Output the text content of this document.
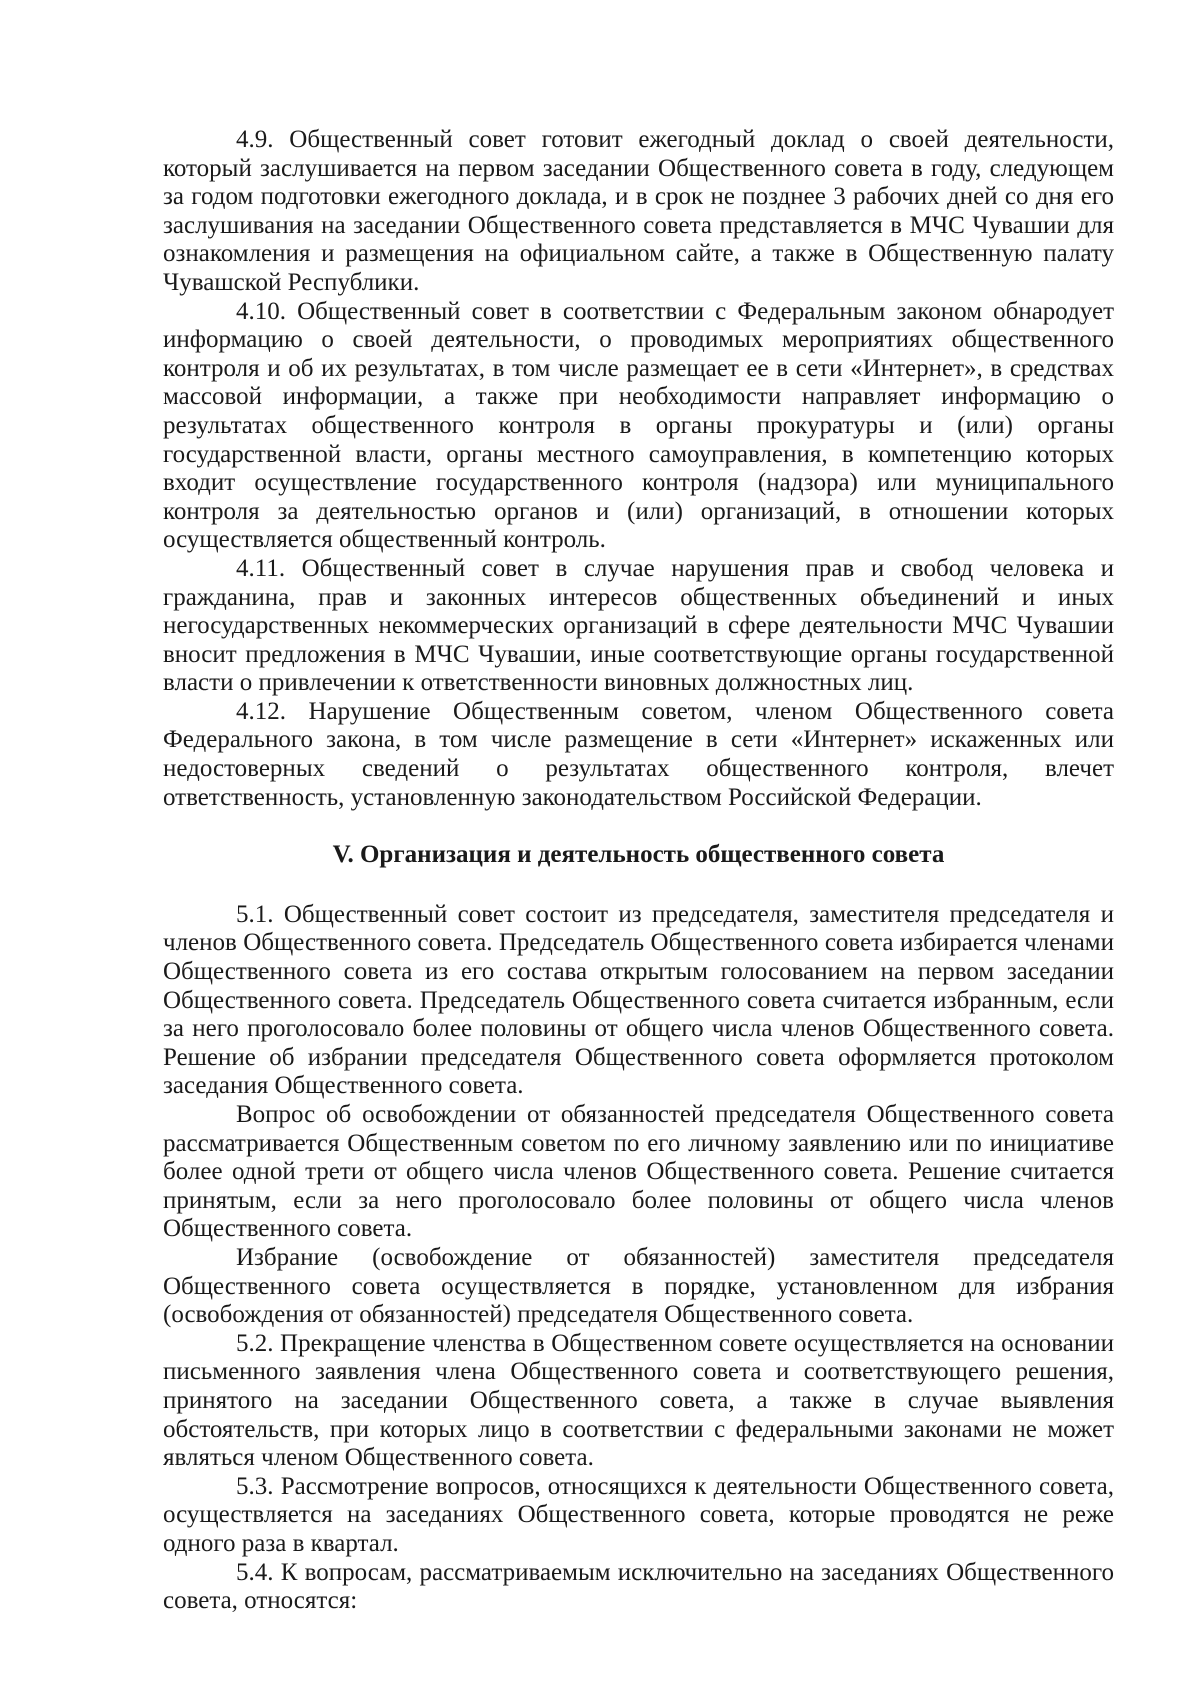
4.9. Общественный совет готовит ежегодный доклад о своей деятельности, который заслушивается на первом заседании Общественного совета в году, следующем за годом подготовки ежегодного доклада, и в срок не позднее 3 рабочих дней со дня его заслушивания на заседании Общественного совета представляется в МЧС Чувашии для ознакомления и размещения на официальном сайте, а также в Общественную палату Чувашской Республики.

4.10. Общественный совет в соответствии с Федеральным законом обнародует информацию о своей деятельности, о проводимых мероприятиях общественного контроля и об их результатах, в том числе размещает ее в сети «Интернет», в средствах массовой информации, а также при необходимости направляет информацию о результатах общественного контроля в органы прокуратуры и (или) органы государственной власти, органы местного самоуправления, в компетенцию которых входит осуществление государственного контроля (надзора) или муниципального контроля за деятельностью органов и (или) организаций, в отношении которых осуществляется общественный контроль.

4.11. Общественный совет в случае нарушения прав и свобод человека и гражданина, прав и законных интересов общественных объединений и иных негосударственных некоммерческих организаций в сфере деятельности МЧС Чувашии вносит предложения в МЧС Чувашии, иные соответствующие органы государственной власти о привлечении к ответственности виновных должностных лиц.

4.12. Нарушение Общественным советом, членом Общественного совета Федерального закона, в том числе размещение в сети «Интернет» искаженных или недостоверных сведений о результатах общественного контроля, влечет ответственность, установленную законодательством Российской Федерации.

V. Организация и деятельность общественного совета

5.1. Общественный совет состоит из председателя, заместителя председателя и членов Общественного совета. Председатель Общественного совета избирается членами Общественного совета из его состава открытым голосованием на первом заседании Общественного совета. Председатель Общественного совета считается избранным, если за него проголосовало более половины от общего числа членов Общественного совета. Решение об избрании председателя Общественного совета оформляется протоколом заседания Общественного совета.

Вопрос об освобождении от обязанностей председателя Общественного совета рассматривается Общественным советом по его личному заявлению или по инициативе более одной трети от общего числа членов Общественного совета. Решение считается принятым, если за него проголосовало более половины от общего числа членов Общественного совета.

Избрание (освобождение от обязанностей) заместителя председателя Общественного совета осуществляется в порядке, установленном для избрания (освобождения от обязанностей) председателя Общественного совета.

5.2. Прекращение членства в Общественном совете осуществляется на основании письменного заявления члена Общественного совета и соответствующего решения, принятого на заседании Общественного совета, а также в случае выявления обстоятельств, при которых лицо в соответствии с федеральными законами не может являться членом Общественного совета.

5.3. Рассмотрение вопросов, относящихся к деятельности Общественного совета, осуществляется на заседаниях Общественного совета, которые проводятся не реже одного раза в квартал.

5.4. К вопросам, рассматриваемым исключительно на заседаниях Общественного совета, относятся:
